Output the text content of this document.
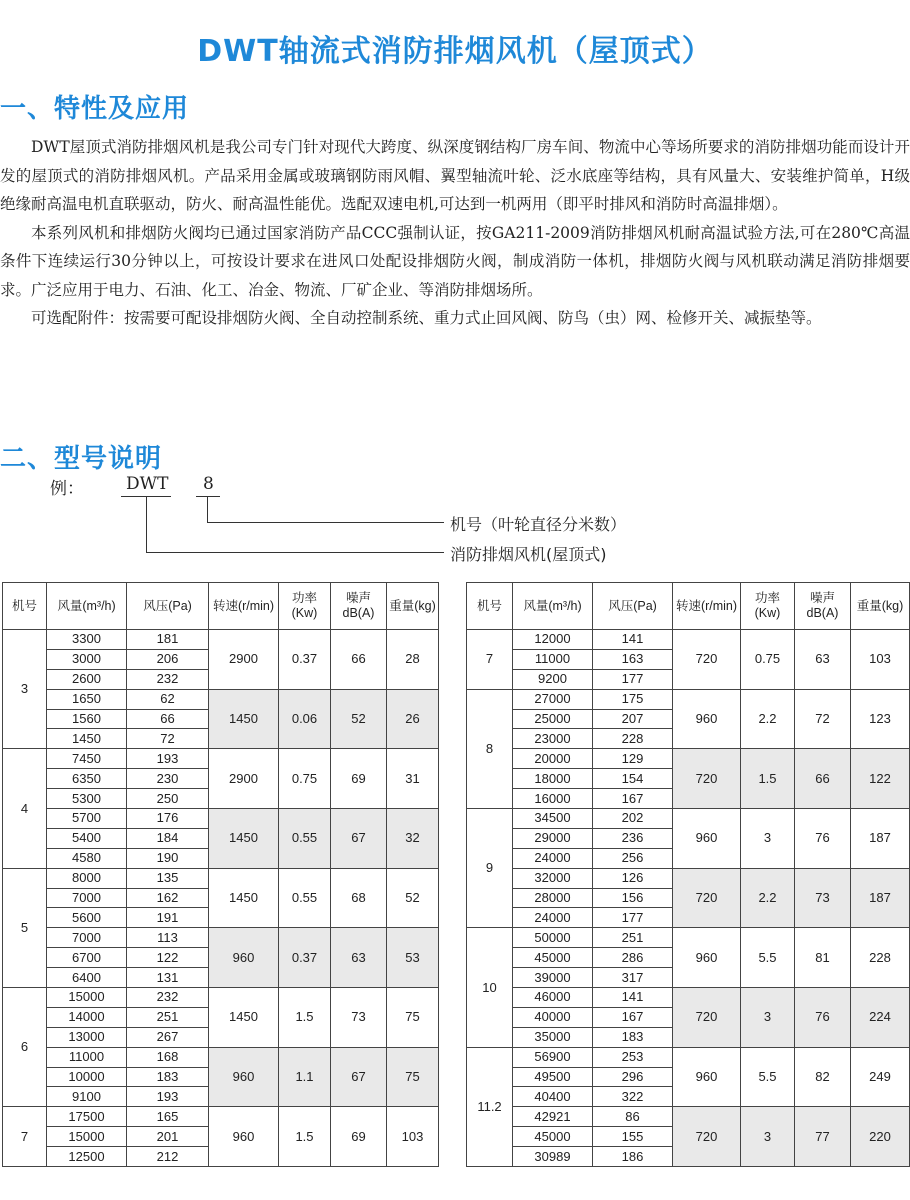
DWT轴流式消防排烟风机（屋顶式）
一、特性及应用

DWT屋顶式消防排烟风机是我公司专门针对现代大跨度、纵深度钢结构厂房车间、物流中心等场所要求的消防排烟功能而设计开发的屋顶式的消防排烟风机。产品采用金属或玻璃钢防雨风帽、翼型轴流叶轮、泛水底座等结构，具有风量大、安装维护简单，H级绝缘耐高温电机直联驱动，防火、耐高温性能优。选配双速电机,可达到一机两用（即平时排风和消防时高温排烟）。

本系列风机和排烟防火阀均已通过国家消防产品CCC强制认证，按GA211-2009消防排烟风机耐高温试验方法,可在280℃高温条件下连续运行30分钟以上，可按设计要求在进风口处配设排烟防火阀，制成消防一体机，排烟防火阀与风机联动满足消防排烟要求。广泛应用于电力、石油、化工、冶金、物流、厂矿企业、等消防排烟场所。

可选配附件：按需要可配设排烟防火阀、全自动控制系统、重力式止回风阀、防鸟（虫）网、检修开关、减振垫等。

二、型号说明
例： DWT 8
机号（叶轮直径分米数）
消防排烟风机(屋顶式)
机号	风量(m³/h)	风压(Pa)	转速(r/min)	功率
(Kw)	噪声
dB(A)	重量(kg)
3	3300	181	2900	0.37	66	28
	3000	206				
	2600	232				
	1650	62	1450	0.06	52	26
	1560	66				
	1450	72				
4	7450	193	2900	0.75	69	31
	6350	230				
	5300	250				
	5700	176	1450	0.55	67	32
	5400	184				
	4580	190				
5	8000	135	1450	0.55	68	52
	7000	162				
	5600	191				
	7000	113	960	0.37	63	53
	6700	122				
	6400	131				
6	15000	232	1450	1.5	73	75
	14000	251				
	13000	267				
	11000	168	960	1.1	67	75
	10000	183				
	9100	193				
7	17500	165	960	1.5	69	103
	15000	201				
	12500	212				
机号	风量(m³/h)	风压(Pa)	转速(r/min)	功率
(Kw)	噪声
dB(A)	重量(kg)
7	12000	141	720	0.75	63	103
	11000	163				
	9200	177				
8	27000	175	960	2.2	72	123
	25000	207				
	23000	228				
	20000	129	720	1.5	66	122
	18000	154				
	16000	167				
9	34500	202	960	3	76	187
	29000	236				
	24000	256				
	32000	126	720	2.2	73	187
	28000	156				
	24000	177				
10	50000	251	960	5.5	81	228
	45000	286				
	39000	317				
	46000	141	720	3	76	224
	40000	167				
	35000	183				
11.2	56900	253	960	5.5	82	249
	49500	296				
	40400	322				
	42921	86	720	3	77	220
	45000	155				
	30989	186				
